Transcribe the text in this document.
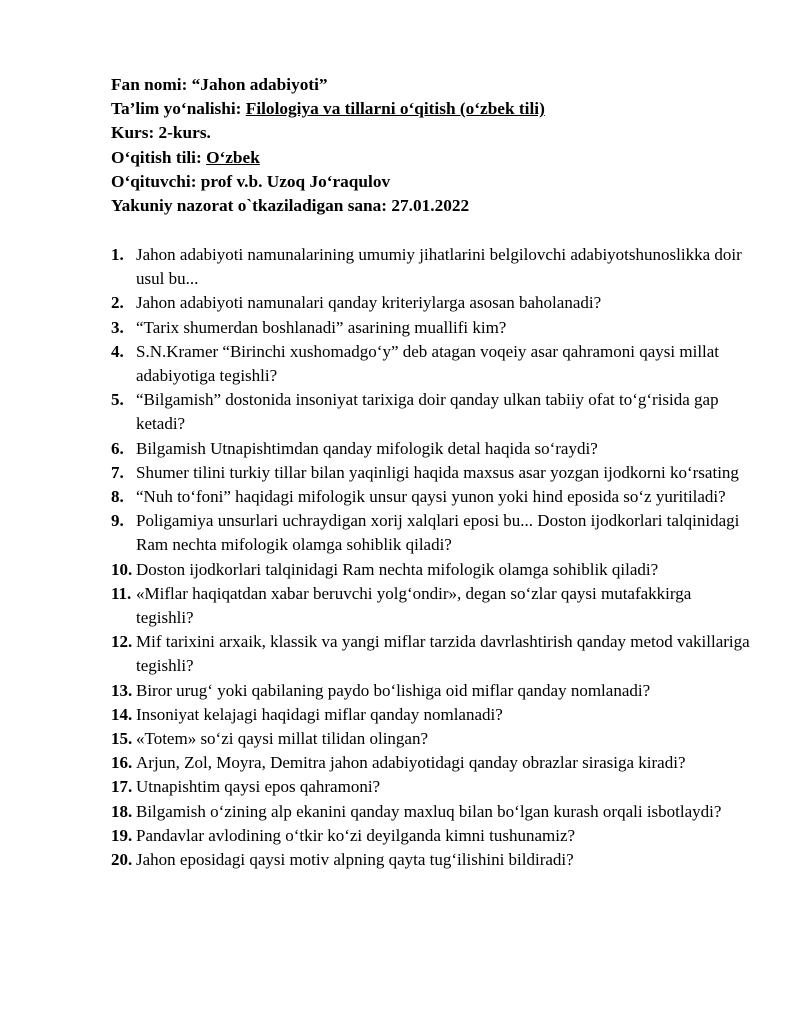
Fan nomi: “Jahon adabiyoti”
Ta’lim yo‘nalishi: Filologiya va tillarni o‘qitish (o‘zbek tili)
Kurs: 2-kurs.
O‘qitish tili: O‘zbek
O‘qituvchi: prof v.b. Uzoq Jo‘raqulov
Yakuniy nazorat o`tkaziladigan sana: 27.01.2022
1. Jahon adabiyoti namunalarining umumiy jihatlarini belgilovchi adabiyotshunoslikka doir usul bu...
2. Jahon adabiyoti namunalari qanday kriteriylarga asosan baholanadi?
3. “Tarix shumerdan boshlanadi” asarining muallifi kim?
4. S.N.Kramer “Birinchi xushomadgo‘y” deb atagan voqeiy asar qahramoni qaysi millat adabiyotiga tegishli?
5. “Bilgamish” dostonida insoniyat tarixiga doir qanday ulkan tabiiy ofat to‘g‘risida gap ketadi?
6. Bilgamish Utnapishtimdan qanday mifologik detal haqida so‘raydi?
7. Shumer tilini turkiy tillar bilan yaqinligi haqida maxsus asar yozgan ijodkorni ko‘rsating
8. “Nuh to‘foni” haqidagi mifologik unsur qaysi yunon yoki hind eposida so‘z yuritiladi?
9. Poligamiya unsurlari uchraydigan xorij xalqlari eposi bu... Doston ijodkorlari talqinidagi Ram nechta mifologik olamga sohiblik qiladi?
10. Doston ijodkorlari talqinidagi Ram nechta mifologik olamga sohiblik qiladi?
11. «Miflar haqiqatdan xabar beruvchi yolg‘ondir», degan so‘zlar qaysi mutafakkirga tegishli?
12. Mif tarixini arxaik, klassik va yangi miflar tarzida davrlashtirish qanday metod vakillariga tegishli?
13. Biror urug‘ yoki qabilaning paydo bo‘lishiga oid miflar qanday nomlanadi?
14. Insoniyat kelajagi haqidagi miflar qanday nomlanadi?
15. «Totem» so‘zi qaysi millat tilidan olingan?
16. Arjun, Zol, Moyra, Demitra jahon adabiyotidagi qanday obrazlar sirasiga kiradi?
17. Utnapishtim qaysi epos qahramoni?
18. Bilgamish o‘zining alp ekanini qanday maxluq bilan bo‘lgan kurash orqali isbotlaydi?
19. Pandavlar avlodining o‘tkir ko‘zi deyilganda kimni tushunamiz?
20. Jahon eposidagi qaysi motiv alpning qayta tug‘ilishini bildiradi?
